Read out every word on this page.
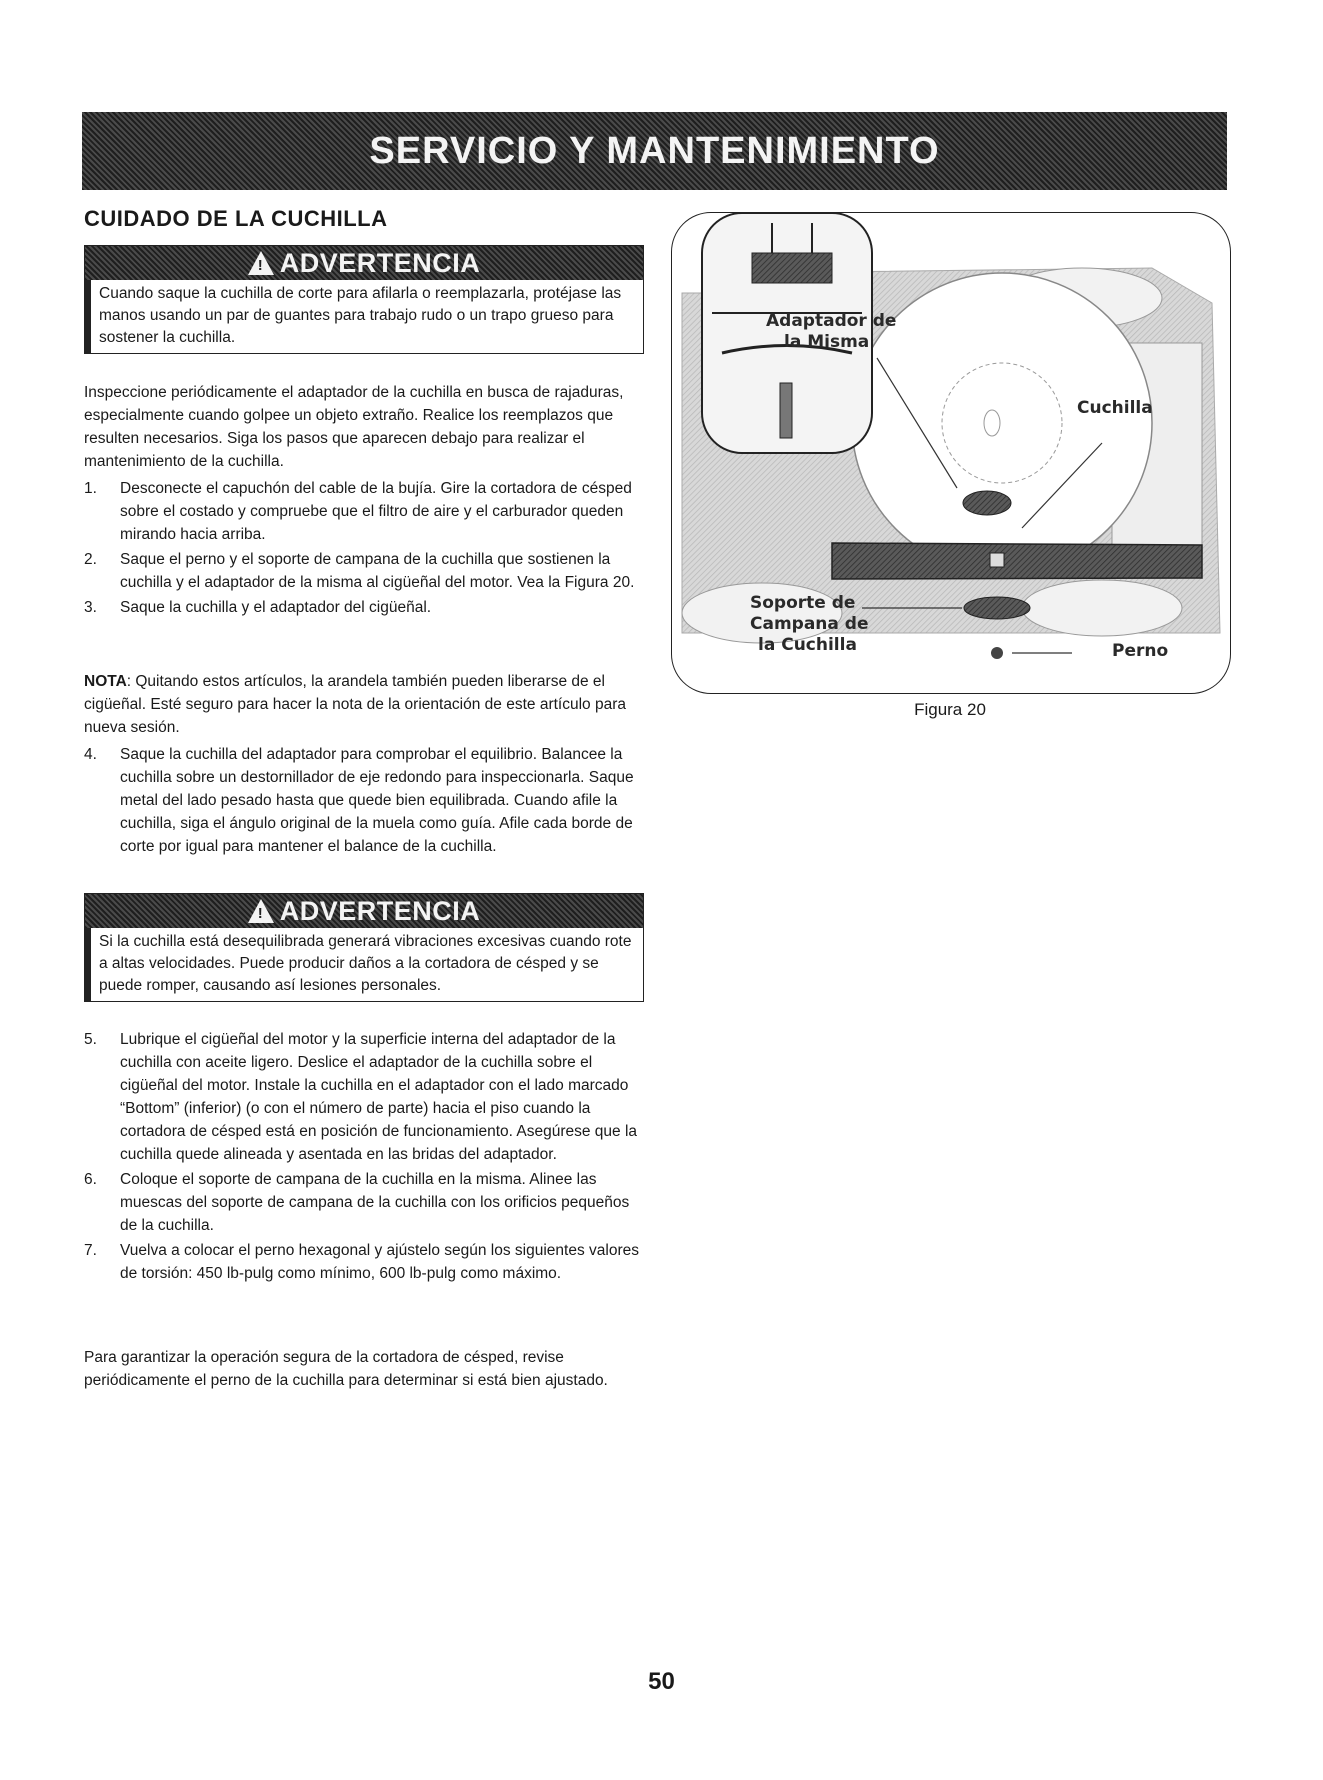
SERVICIO Y MANTENIMIENTO
CUIDADO DE LA CUCHILLA
!
ADVERTENCIA
Cuando saque la cuchilla de corte para afilarla o reemplazarla, protéjase las manos usando un par de guantes para trabajo rudo o un trapo grueso para sostener la cuchilla.

Inspeccione periódicamente el adaptador de la cuchilla en busca de rajaduras, especialmente cuando golpee un objeto extraño. Realice los reemplazos que resulten necesarios. Siga los pasos que aparecen debajo para realizar el mantenimiento de la cuchilla.

1. Desconecte el capuchón del cable de la bujía. Gire la cortadora de césped sobre el costado y compruebe que el filtro de aire y el carburador queden mirando hacia arriba.
2. Saque el perno y el soporte de campana de la cuchilla que sostienen la cuchilla y el adaptador de la misma al cigüeñal del motor. Vea la Figura 20.
3. Saque la cuchilla y el adaptador del cigüeñal.

NOTA: Quitando estos artículos, la arandela también pueden liberarse de el cigüeñal. Esté seguro para hacer la nota de la orientación de este artículo para nueva sesión.

4. Saque la cuchilla del adaptador para comprobar el equilibrio. Balancee la cuchilla sobre un destornillador de eje redondo para inspeccionarla. Saque metal del lado pesado hasta que quede bien equilibrada. Cuando afile la cuchilla, siga el ángulo original de la muela como guía. Afile cada borde de corte por igual para mantener el balance de la cuchilla.
!
ADVERTENCIA
Si la cuchilla está desequilibrada generará vibraciones excesivas cuando rote a altas velocidades. Puede producir daños a la cortadora de césped y se puede romper, causando así lesiones personales.
5. Lubrique el cigüeñal del motor y la superficie interna del adaptador de la cuchilla con aceite ligero. Deslice el adaptador de la cuchilla sobre el cigüeñal del motor. Instale la cuchilla en el adaptador con el lado marcado “Bottom” (inferior) (o con el número de parte) hacia el piso cuando la cortadora de césped está en posición de funcionamiento. Asegúrese que la cuchilla quede alineada y asentada en las bridas del adaptador.
6. Coloque el soporte de campana de la cuchilla en la misma. Alinee las muescas del soporte de campana de la cuchilla con los orificios pequeños de la cuchilla.
7. Vuelva a colocar el perno hexagonal y ajústelo según los siguientes valores de torsión: 450 lb-pulg como mínimo, 600 lb-pulg como máximo.

Para garantizar la operación segura de la cortadora de césped, revise periódicamente el perno de la cuchilla para determinar si está bien ajustado.

Adaptador de
la Misma
Cuchilla
Soporte de
Campana de
la Cuchilla	Perno
Figura 20
50
